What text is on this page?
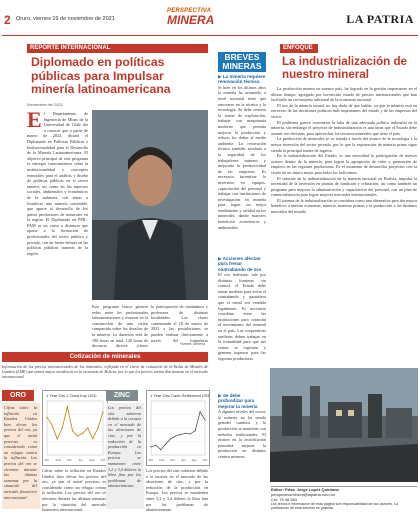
2 Oruro, viernes 19 de noviembre de 2021
PERSPECTIVA
MINERA	LA PATRIA
REPORTE INTERNACIONAL
Diplomado en políticas públicas para Impulsar minería latinoamericana
Noviembre del 2021
E l Departamento de Ingeniería de Minas de la Universidad de Chile dio a conocer que a partir de marzo de 2022, dictará el Diplomado en Políticas Públicas e Institucionalidad para el Desarrollo de la Minería Latinoamericana. El objetivo principal de este programa es entregar conocimientos sobre la institucionalidad y conceptos esenciales para el análisis y diseño de políticas públicas en el sector minero, así como en los aspectos sociales, ambientales y económicos de la industria, con miras a fortalecer una minería sostenible, que aporte al desarrollo de los países productores de minerales en la región. El Diplomado en PPIL-PAM es un curso a distancia que aporta a la formación de profesionales del sector público y privado, con un fuerte énfasis en las políticas públicas mineras de la región.
Este programa busca generar redes entre los profesionales latinoamericanos y avanzar en la construcción de una visión compartida sobre los desafíos de la minería. La duración será de 196 horas en total, 120 horas de docencia directa (clases
la participación de ciudadanos y profesores de distintas localidades. Las clases comenzarán el 18 de marzo de 2022 y las postulaciones se pueden realizar directamente a través del formulario
Fuente: Minería
BREVES
MINERAS
▶ La minería requiere renovación técnica
Si bien en los últimos años la minería ha avanzado, a nivel nacional tiene que renovarse en la técnica y la tecnología. Se debe renovar la forma de explotación, trabajar con maquinaria moderna que permita mejorar la producción y reducir los daños al medio ambiente. La renovación técnica también ayudaría a la seguridad de los trabajadores mineros y mejoraría la productividad de las empresas. Es necesario incentivar la inversión en equipos, capacitación del personal y trabajar con instituciones de investigación en minería para lograr un mejor rendimiento y calidad en los minerales, dando mayores beneficios económicos y ambientales.
▶ Acciones afectan para frenar contrabando de oro
El oro boliviano sale por distintas fronteras sin control, el Estado debe tomar medidas para evitar el contrabando y garantizar que el metal sea vendido legalmente. Es necesario coordinar entre las instituciones para controlar el movimiento del mineral en el país. Las cooperativas auríferas deben trabajar en la formalidad para que sus ventas se registren y generen ingresos para las regiones productoras.
▶ Se debe profundizar para mejorar la minería
A algunos niveles del sector, la minería no ha tenido grandes cambios y la producción se mantiene con métodos tradicionales. El avance en la tecnificación permitirá mejorar la producción en distintos centros mineros.
ENFOQUE
La industrialización de nuestro mineral
La producción minera en nuestro país, ha logrado en la gestión importantes en el último tiempo, agregado por favorecido estado de precios internacionales que han facilitado un crecimiento adicional de la economía nacional.
El uso de la minería estatal, no hay duda de que hablar, ya que la minería está en retroceso de las decisiones políticas más importantes del estado y de las empresas del sector.
El problema parece concentrar la falta de una adecuada política industrial en la minería, sin embargo el proyecto de industrialización es una tarea que el Estado debe asumir con decisión, para aprovechar los recursos minerales que tiene el país.
La producción de minerales se ve tratada a través del avance de la tecnología y la mayor inversión del sector privado, por lo que la exportación de materia prima sigue siendo la principal fuente de ingreso.
En la industrialización del Estado, es una necesidad la participación de nuevos actores dentro de la minería, para lograr la agregación de valor y generación de empleos en las regiones productoras. Es el momento de desarrollar proyectos con la visión de un futuro mejor para todos los bolivianos.
El informe de la industrialización de la minería nacional en Bolivia, impulsa la necesidad de la inversión en plantas de fundición y refinación, así como también un programa para mejorar la administración y capacitación del personal, con un plan de comercialización para lograr mejores mercados internacionales.
El sistema de la industrialización se considera como una alternativa para dar mayor beneficio a nuestra economía, minería, materias primas y la producción a los distintos mercados del mundo.
Editor: Pdsa. Jorge Lopez Quintana
perspectivaminera@lapatria.com.bo
Cel: 75 48 563
Los textos e información de esta página son responsabilidad de sus autores. La publicación de esta sección es gratuita.
Cotización de minerales
Información de los precios internacionales de los minerales, reflejada en el cierre de cotización de la Bolsa de Metales de Londres (LME) que tienen mayor incidencia en la economía de Bolivia, por lo que los precios varían diariamente en el mercado internacional.
ORO
Cifras sobre la inflación en Estados Unidos hizo elevar los precios del oro, ya que el metal precioso es considerado como un refugio contra la inflación. Los precios del oro se elevaron durante las últimas semanas por la situación del mercado financiero internacional.
1 Year Oro 1 Onza troy USD
Dic Feb Abr Jun Ago Oct
ZINC
Los precios del zinc subieron debido a la escasez en el mercado de las aleaciones de cinc, y por la reducción de la producción en Europa. Los precios se mantienen entre 3,2 y 3,4 dólares la libra fina por los problemas de abastecimiento.
1 Year Zinc Cash-Settlement USD/t
Dic Feb Abr Jun Ago Oct
Cifras sobre la inflación en Estados Unidos hizo elevar los precios del oro, ya que el metal precioso es considerado como un refugio contra la inflación. Los precios del oro se elevaron durante las últimas semanas por la situación del mercado financiero internacional.
Los precios del zinc subieron debido a la escasez en el mercado de las aleaciones de cinc, y por la reducción de la producción en Europa. Los precios se mantienen entre 3,2 y 3,4 dólares la libra fina por los problemas de abastecimiento.
